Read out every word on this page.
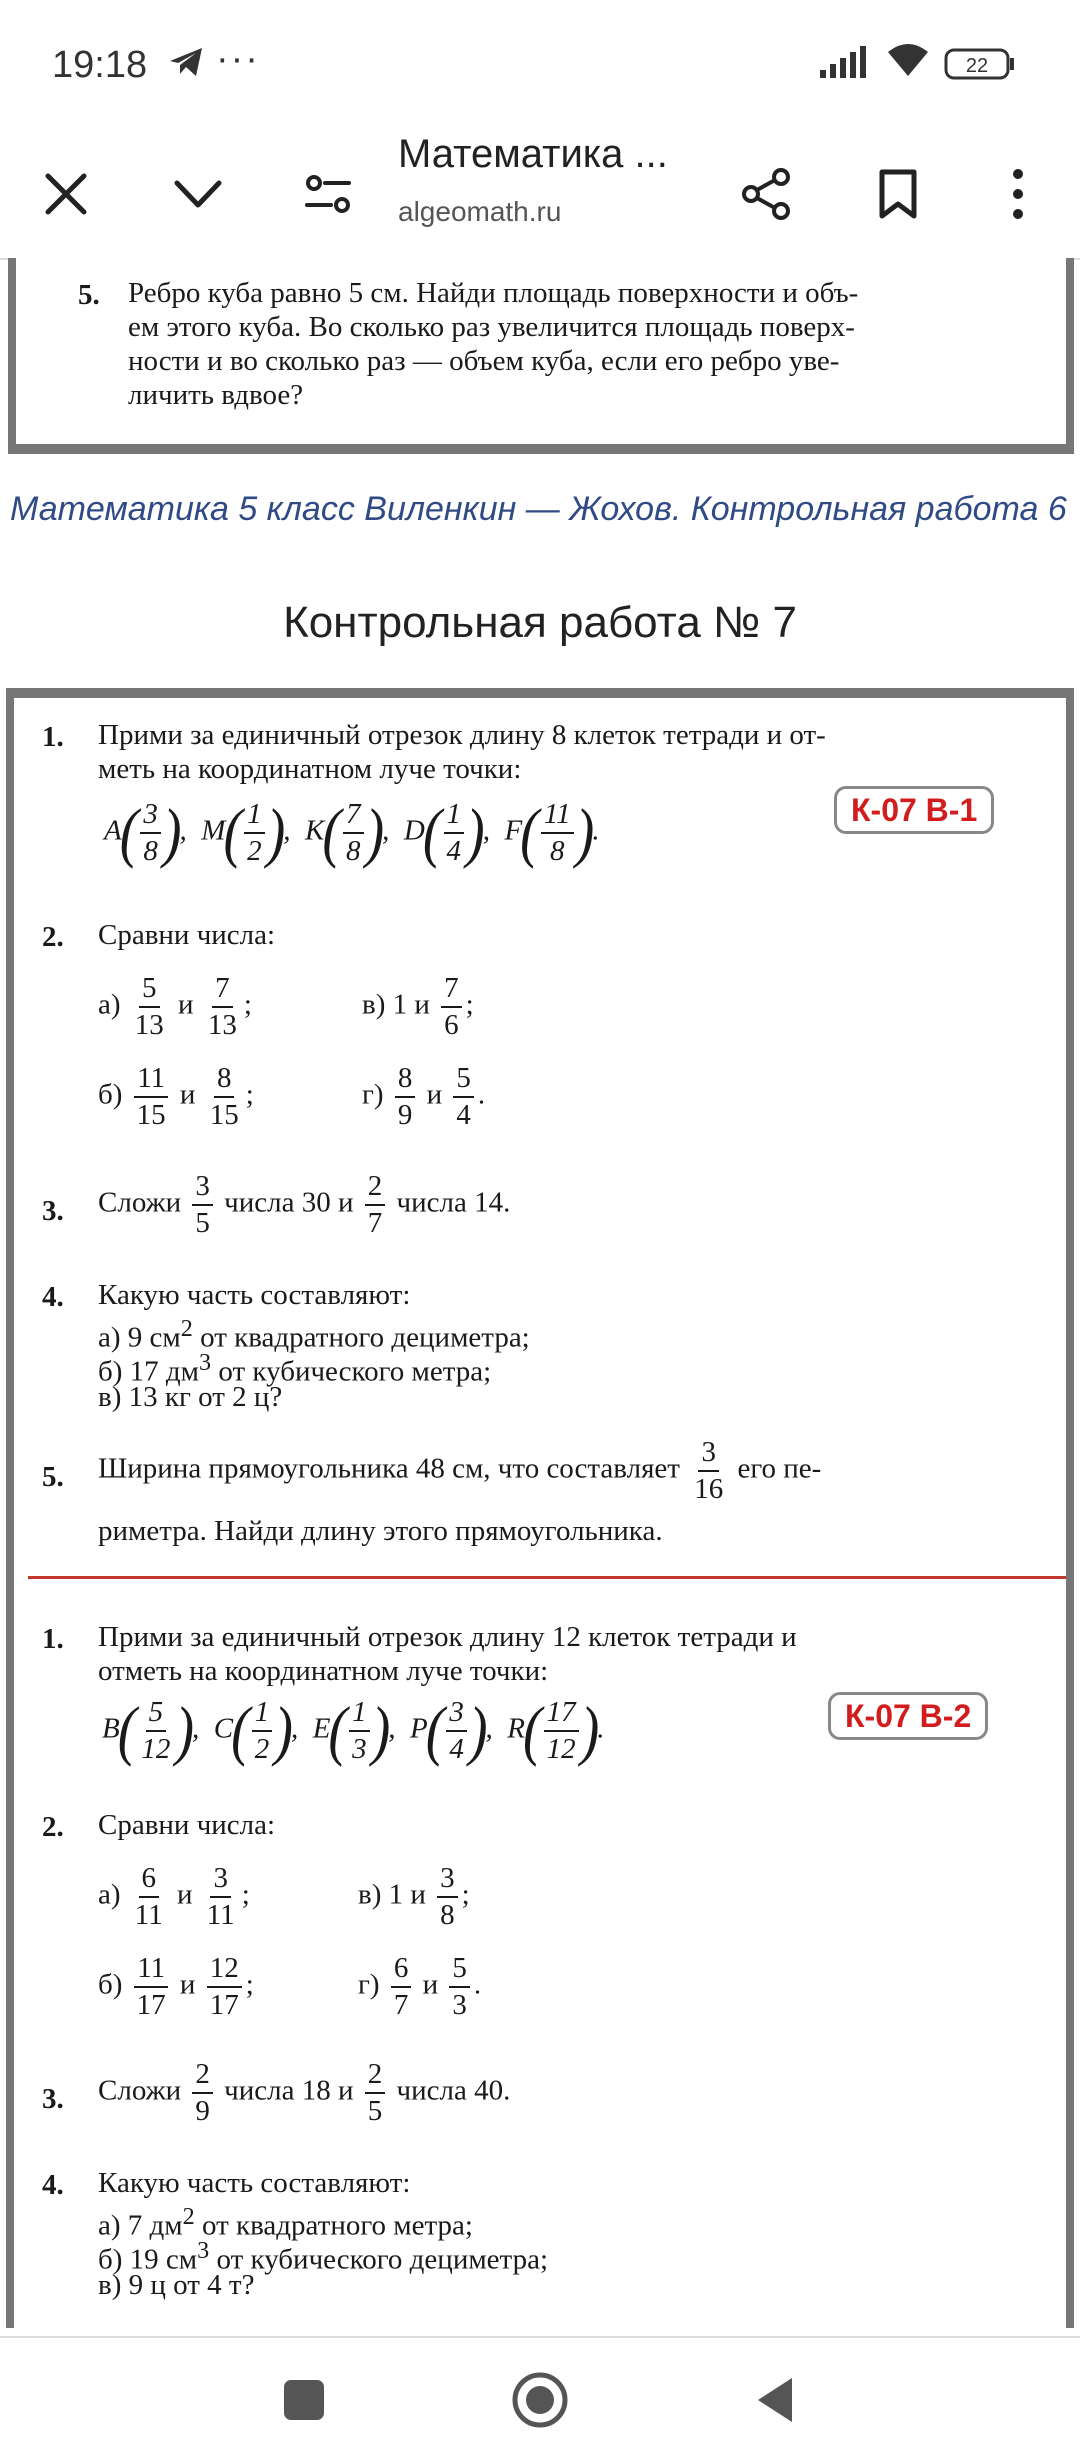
19:18 ···	22
Математика ...
algeomath.ru
5. Ребро куба равно 5 см. Найди площадь поверхности и объ-
ем этого куба. Во сколько раз увеличится площадь поверх-
ности и во сколько раз — объем куба, если его ребро уве-
личить вдвое?
Математика 5 класс Виленкин — Жохов. Контрольная работа 6
Контрольная работа № 7
1. Прими за единичный отрезок длину 8 клеток тетради и от-
меть на координатном луче точки:
К-07 В-1
$A( \frac{3}{8}$ ),  $M( \frac{1}{2}$ ),  $K( \frac{7}{8}$ ),  $D( \frac{1}{4}$ ),  $F( \frac{11}{8}$ ).
2. Сравни числа:
$а) \frac{5}{13}$ и $\frac{7}{13}$ ;	в) 1 и $\frac{7}{6}$ ;
$б) \frac{11}{15}$ и $\frac{8}{15}$ ;	$г) \frac{8}{9}$ и $\frac{5}{4}$ .
3. Сложи $\frac{3}{5}$ числа 30 и $\frac{2}{7}$ числа 14.
4. Какую часть составляют:
а) 9 $см^2$ от квадратного дециметра;
б) 17 $дм^3$ от кубического метра;
в) 13 кг от 2 ц?
5. Ширина прямоугольника 48 см, что составляет $\frac{3}{16}$ его пе-
риметра. Найди длину этого прямоугольника.
1. Прими за единичный отрезок длину 12 клеток тетради и
отметь на координатном луче точки:
К-07 В-2
$B( \frac{5}{12}$ ),  $C( \frac{1}{2}$ ),  $E( \frac{1}{3}$ ),  $P( \frac{3}{4}$ ),  $R( \frac{17}{12}$ ).
2. Сравни числа:
$а) \frac{6}{11}$ и $\frac{3}{11}$ ;	в) 1 и $\frac{3}{8}$ ;
$б) \frac{11}{17}$ и $\frac{12}{17}$ ;	$г) \frac{6}{7}$ и $\frac{5}{3}$ .
3. Сложи $\frac{2}{9}$ числа 18 и $\frac{2}{5}$ числа 40.
4. Какую часть составляют:
а) 7 $дм^2$ от квадратного метра;
б) 19 $см^3$ от кубического дециметра;
в) 9 ц от 4 т?
